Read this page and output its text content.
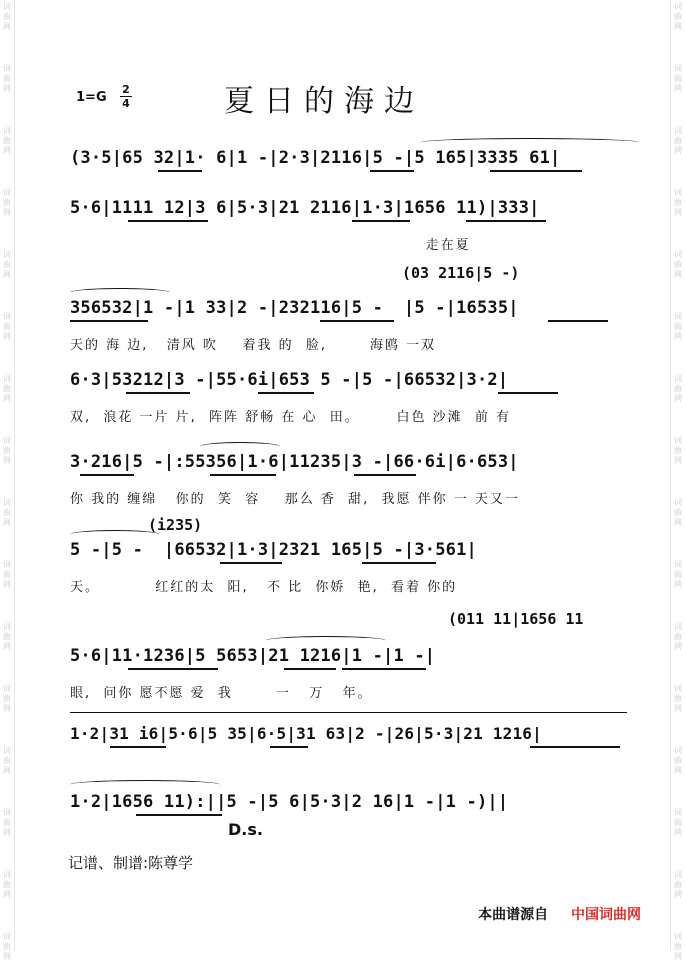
词曲网
词曲网
词曲网
词曲网
词曲网
词曲网
词曲网
词曲网
词曲网
词曲网
词曲网
词曲网
词曲网
词曲网
词曲网
词曲网
词曲网
词曲网
词曲网
词曲网
词曲网
词曲网
词曲网
词曲网
词曲网
词曲网
词曲网
词曲网
词曲网
词曲网
词曲网
词曲网
1=G
2
4	夏日的海边
(3·5|65 32|1· 6|1 -|2·3|2116|5 -|5 165|3335 61|
5·6|1111 12|3 6|5·3|21 2116|1·3|1656 11)|333|
走在夏
(03 2116|5 -)
356532|1 -|1 33|2 -|232116|5 -  |5 -|16535|
天的 海 边,   清风 吹    着我 的  脸,       海鸥 一双
6·3|53212|3 -|55·6i|653 5 -|5 -|66532|3·2|
双,  浪花 一片 片,  阵阵 舒畅 在 心  田。      白色 沙滩  前 有
3·216|5 -|:55356|1·6|11235|3 -|66·6i|6·653|
你 我的 缠绵   你的  笑  容    那么 香  甜,  我愿 伴你 一 天又一
(i235)
5 -|5 -  |66532|1·3|2321 165|5 -|3·561|
天。         红红的太  阳,   不 比  你娇  艳,  看着 你的
(011 11|1656 11
5·6|11·1236|5 5653|21 1216|1 -|1 -|
眼,  问你 愿不愿 爱  我       一   万   年。
1·2|31 i6|5·6|5 35|6·5|31 63|2 -|26|5·3|21 1216|
1·2|1656 11):||5 -|5 6|5·3|2 16|1 -|1 -)||
D.s.
记谱、制谱:陈尊学
本曲谱源自 中国词曲网
